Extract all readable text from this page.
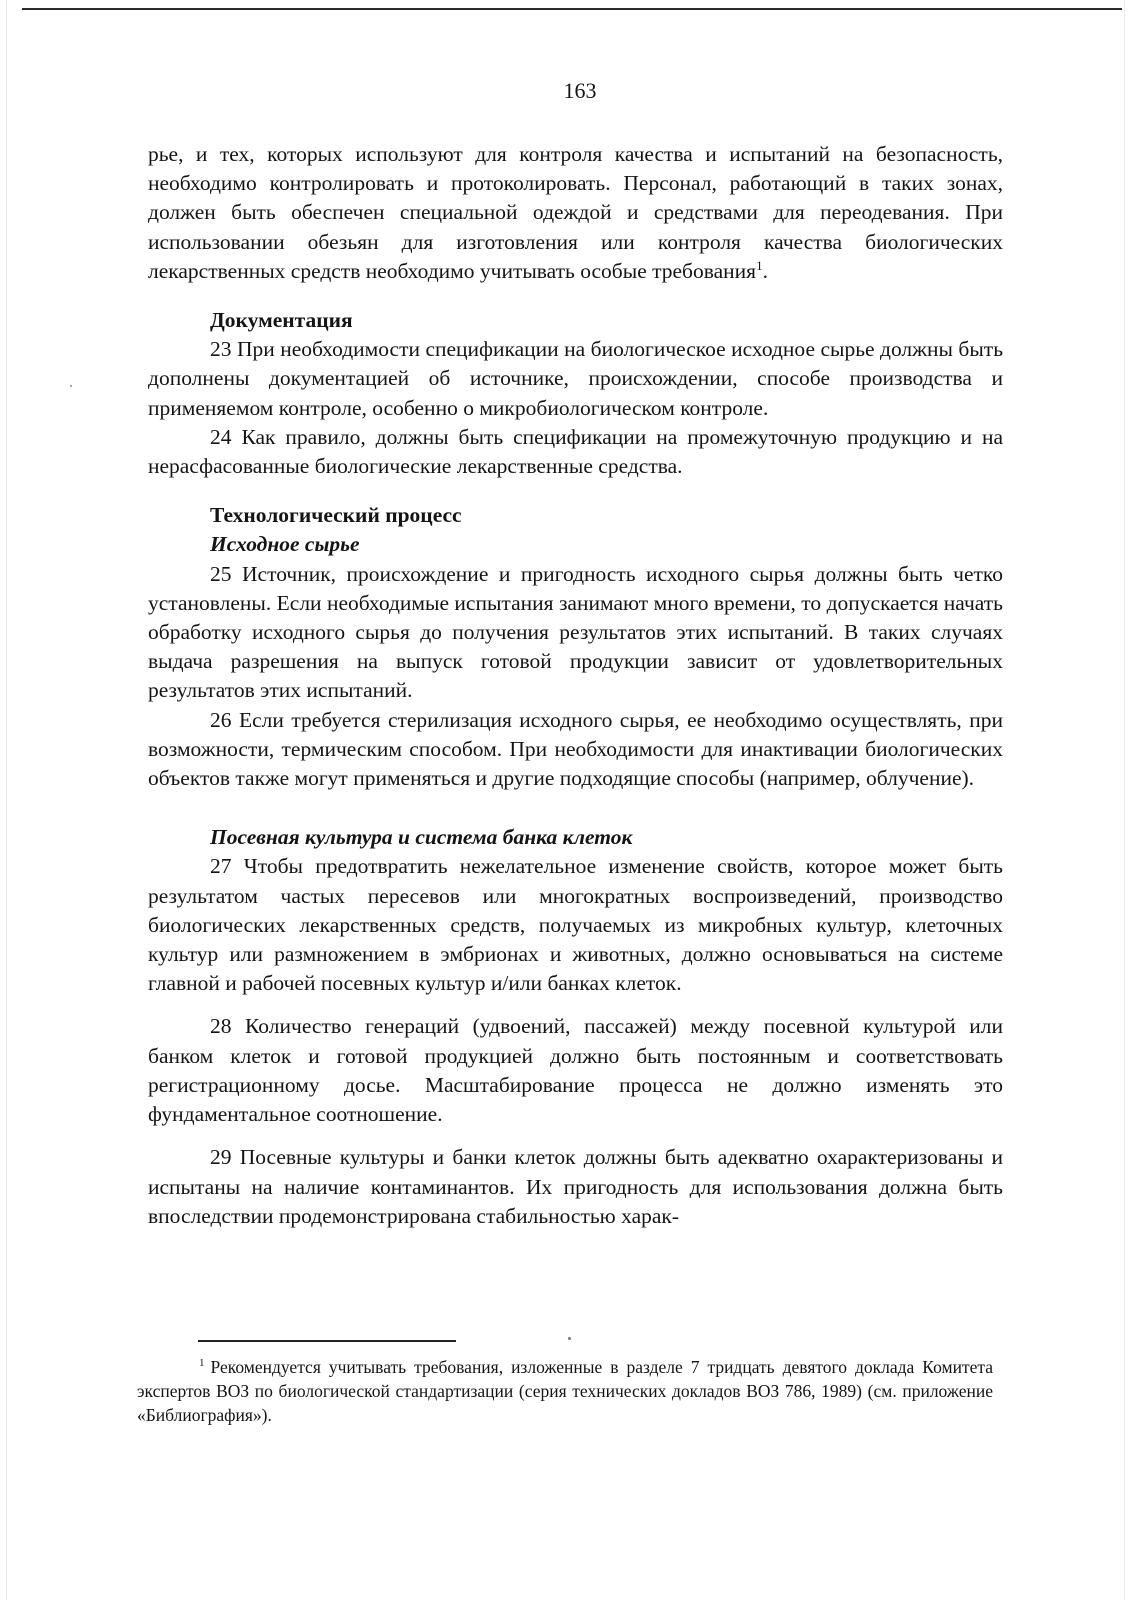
163

рье, и тех, которых используют для контроля качества и испытаний на безопасность, необходимо контролировать и протоколировать. Персонал, работающий в таких зонах, должен быть обеспечен специальной одеждой и средствами для переодевания. При использовании обезьян для изготовления или контроля качества биологических лекарственных средств необходимо учитывать особые требования$^1$.

Документация

23 При необходимости спецификации на биологическое исходное сырье должны быть дополнены документацией об источнике, происхождении, способе производства и применяемом контроле, особенно о микробиологическом контроле.

24 Как правило, должны быть спецификации на промежуточную продукцию и на нерасфасованные биологические лекарственные средства.

Технологический процесс
Исходное сырье

25 Источник, происхождение и пригодность исходного сырья должны быть четко установлены. Если необходимые испытания занимают много времени, то допускается начать обработку исходного сырья до получения результатов этих испытаний. В таких случаях выдача разрешения на выпуск готовой продукции зависит от удовлетворительных результатов этих испытаний.

26 Если требуется стерилизация исходного сырья, ее необходимо осуществлять, при возможности, термическим способом. При необходимости для инактивации биологических объектов также могут применяться и другие подходящие способы (например, облучение).

Посевная культура и система банка клеток

27 Чтобы предотвратить нежелательное изменение свойств, которое может быть результатом частых пересевов или многократных воспроизведений, производство биологических лекарственных средств, получаемых из микробных культур, клеточных культур или размножением в эмбрионах и животных, должно основываться на системе главной и рабочей посевных культур и/или банках клеток.

28 Количество генераций (удвоений, пассажей) между посевной культурой или банком клеток и готовой продукцией должно быть постоянным и соответствовать регистрационному досье. Масштабирование процесса не должно изменять это фундаментальное соотношение.

29 Посевные культуры и банки клеток должны быть адекватно охарактеризованы и испытаны на наличие контаминантов. Их пригодность для использования должна быть впоследствии продемонстрирована стабильностью харак-

$^1$ Рекомендуется учитывать требования, изложенные в разделе 7 тридцать девятого доклада Комитета экспертов ВОЗ по биологической стандартизации (серия технических докладов ВОЗ 786, 1989) (см. приложение «Библиография»).
